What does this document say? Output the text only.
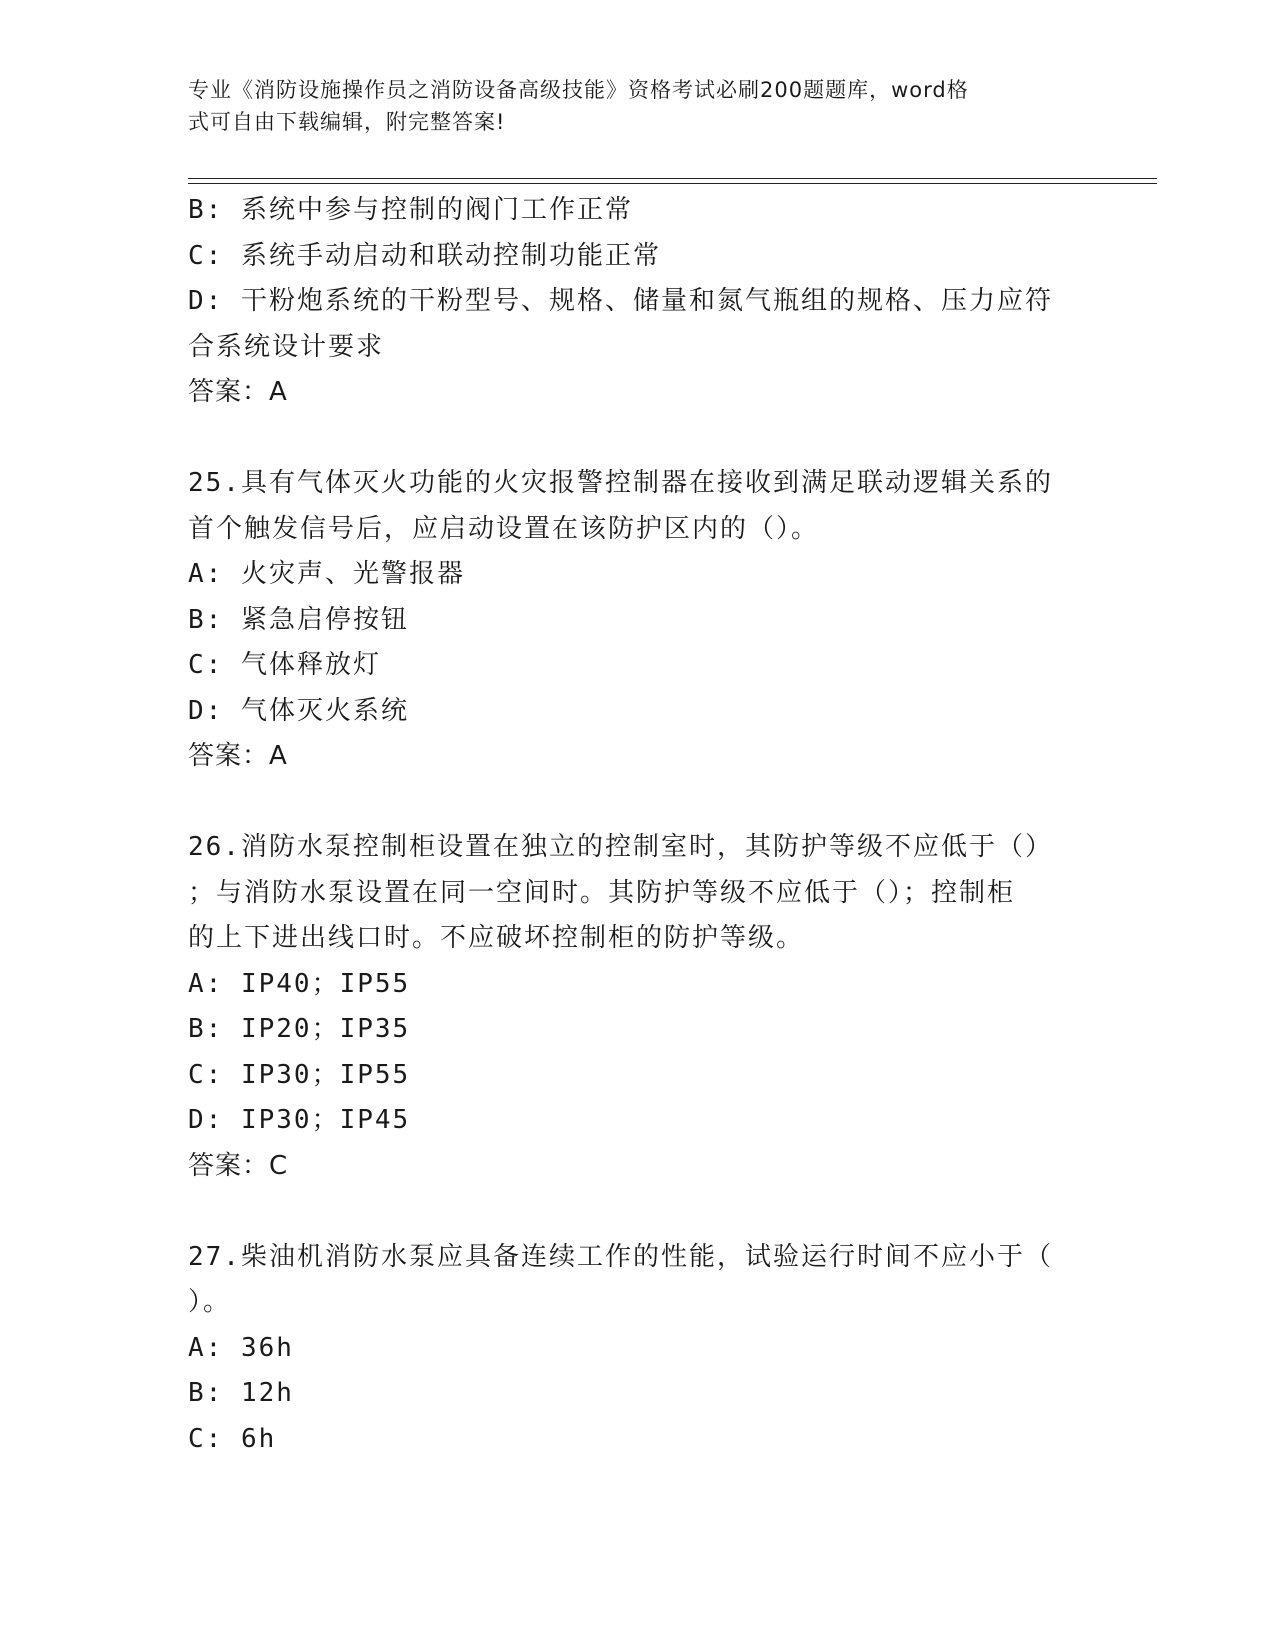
专业《消防设施操作员之消防设备高级技能》资格考试必刷200题题库，word格
式可自由下载编辑，附完整答案!
B: 系统中参与控制的阀门工作正常
C: 系统手动启动和联动控制功能正常
D: 干粉炮系统的干粉型号、规格、储量和氮气瓶组的规格、压力应符
合系统设计要求
答案：A
25.具有气体灭火功能的火灾报警控制器在接收到满足联动逻辑关系的
首个触发信号后，应启动设置在该防护区内的（）。
A: 火灾声、光警报器
B: 紧急启停按钮
C: 气体释放灯
D: 气体灭火系统
答案：A
26.消防水泵控制柜设置在独立的控制室时，其防护等级不应低于（）
；与消防水泵设置在同一空间时。其防护等级不应低于（）；控制柜
的上下进出线口时。不应破坏控制柜的防护等级。
A: IP40；IP55
B: IP20；IP35
C: IP30；IP55
D: IP30；IP45
答案：C
27.柴油机消防水泵应具备连续工作的性能，试验运行时间不应小于（
）。
A: 36h
B: 12h
C: 6h
